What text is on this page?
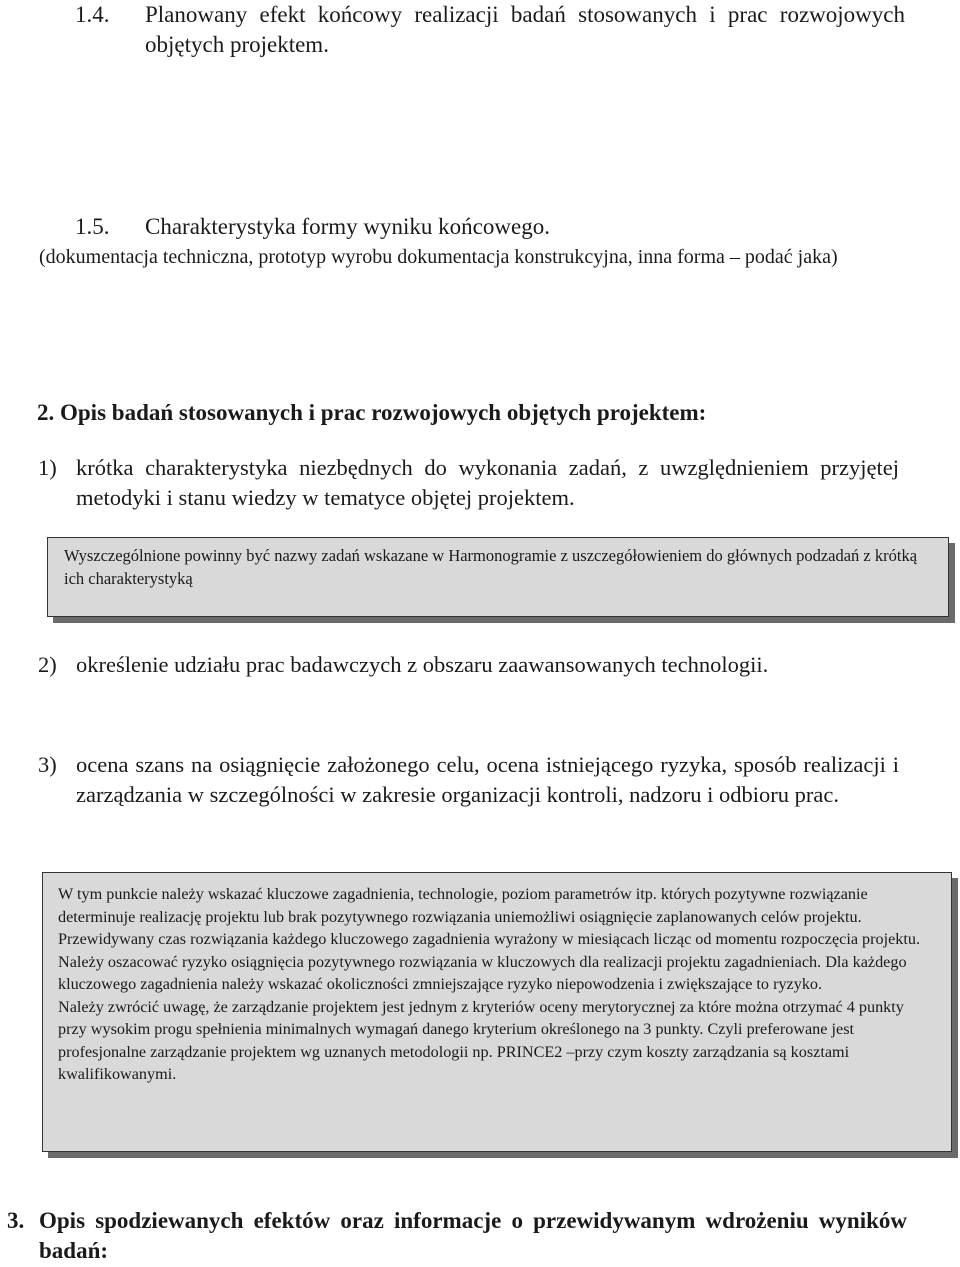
1.4. Planowany efekt końcowy realizacji badań stosowanych i prac rozwojowych objętych projektem.
1.5. Charakterystyka formy wyniku końcowego.
(dokumentacja techniczna, prototyp wyrobu dokumentacja konstrukcyjna, inna forma – podać jaka)
2. Opis badań stosowanych i prac rozwojowych objętych projektem:
1) krótka charakterystyka niezbędnych do wykonania zadań, z uwzględnieniem przyjętej metodyki i stanu wiedzy w tematyce objętej projektem.
Wyszczególnione powinny być nazwy zadań wskazane w Harmonogramie z uszczegółowieniem do głównych podzadań z krótką ich charakterystyką
2) określenie udziału prac badawczych z obszaru zaawansowanych technologii.
3) ocena szans na osiągnięcie założonego celu, ocena istniejącego ryzyka, sposób realizacji i zarządzania w szczególności w zakresie organizacji kontroli, nadzoru i odbioru prac.

W tym punkcie należy wskazać kluczowe zagadnienia, technologie, poziom parametrów itp. których pozytywne rozwiązanie determinuje realizację projektu lub brak pozytywnego rozwiązania uniemożliwi osiągnięcie zaplanowanych celów projektu. Przewidywany czas rozwiązania każdego kluczowego zagadnienia wyrażony w miesiącach licząc od momentu rozpoczęcia projektu.

Należy oszacować ryzyko osiągnięcia pozytywnego rozwiązania w kluczowych dla realizacji projektu zagadnieniach. Dla każdego kluczowego zagadnienia należy wskazać okoliczności zmniejszające ryzyko niepowodzenia i zwiększające to ryzyko.

Należy zwrócić uwagę, że zarządzanie projektem jest jednym z kryteriów oceny merytorycznej za które można otrzymać 4 punkty przy wysokim progu spełnienia minimalnych wymagań danego kryterium określonego na 3 punkty. Czyli preferowane jest profesjonalne zarządzanie projektem wg uznanych metodologii np. PRINCE2 –przy czym koszty zarządzania są kosztami kwalifikowanymi.

3. Opis spodziewanych efektów oraz informacje o przewidywanym wdrożeniu wyników badań:
